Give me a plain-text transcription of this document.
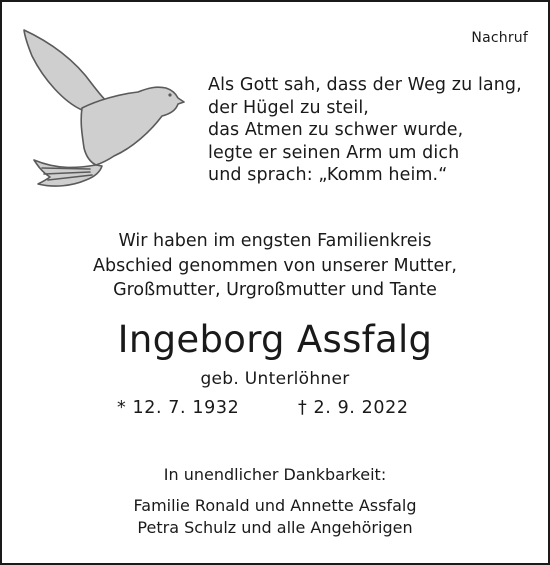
Nachruf
Als Gott sah, dass der Weg zu lang,
der Hügel zu steil,
das Atmen zu schwer wurde,
legte er seinen Arm um dich
und sprach: „Komm heim.“
Wir haben im engsten Familienkreis
Abschied genommen von unserer Mutter,
Großmutter, Urgroßmutter und Tante
Ingeborg Assfalg
geb. Unterlöhner
* 12. 7. 1932	† 2. 9. 2022
In unendlicher Dankbarkeit:
Familie Ronald und Annette Assfalg
Petra Schulz und alle Angehörigen
